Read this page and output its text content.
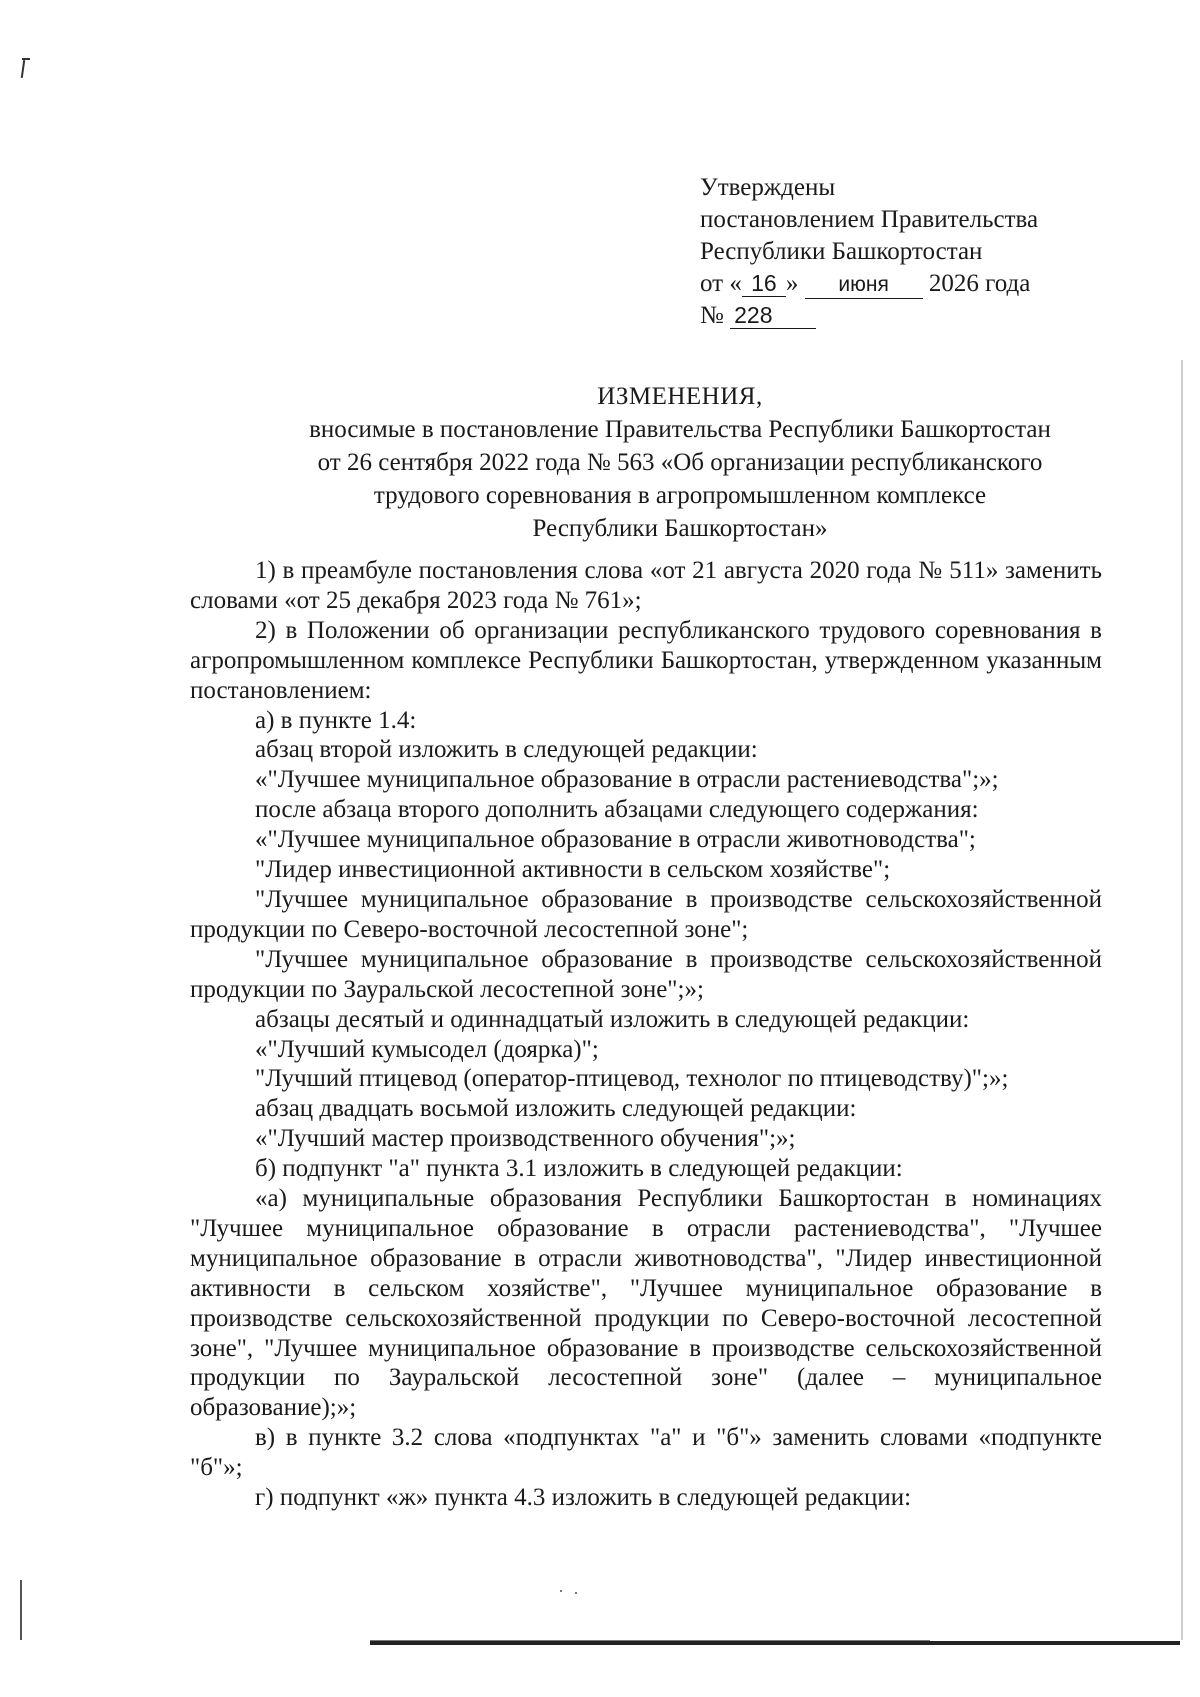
Утверждены
постановлением Правительства
Республики Башкортостан
от « 16 » июня 2026 года
№ 228
ИЗМЕНЕНИЯ,
вносимые в постановление Правительства Республики Башкортостан
от 26 сентября 2022 года № 563 «Об организации республиканского
трудового соревнования в агропромышленном комплексе
Республики Башкортостан»

1) в преамбуле постановления слова «от 21 августа 2020 года № 511» заменить словами «от 25 декабря 2023 года № 761»;

2) в Положении об организации республиканского трудового соревнования в агропромышленном комплексе Республики Башкортостан, утвержденном указанным постановлением:

а) в пункте 1.4:

абзац второй изложить в следующей редакции:

«"Лучшее муниципальное образование в отрасли растениеводства";»;

после абзаца второго дополнить абзацами следующего содержания:

«"Лучшее муниципальное образование в отрасли животноводства";

"Лидер инвестиционной активности в сельском хозяйстве";

"Лучшее муниципальное образование в производстве сельскохозяйственной продукции по Северо-восточной лесостепной зоне";

"Лучшее муниципальное образование в производстве сельскохозяйственной продукции по Зауральской лесостепной зоне";»;

абзацы десятый и одиннадцатый изложить в следующей редакции:

«"Лучший кумысодел (доярка)";

"Лучший птицевод (оператор-птицевод, технолог по птицеводству)";»;

абзац двадцать восьмой изложить следующей редакции:

«"Лучший мастер производственного обучения";»;

б) подпункт "а" пункта 3.1 изложить в следующей редакции:

«а) муниципальные образования Республики Башкортостан в номинациях "Лучшее муниципальное образование в отрасли растениеводства", "Лучшее муниципальное образование в отрасли животноводства", "Лидер инвестиционной активности в сельском хозяйстве", "Лучшее муниципальное образование в производстве сельскохозяйственной продукции по Северо-восточной лесостепной зоне", "Лучшее муниципальное образование в производстве сельскохозяйственной продукции по Зауральской лесостепной зоне" (далее – муниципальное образование);»;

в) в пункте 3.2 слова «подпунктах "а" и "б"» заменить словами «подпункте "б"»;

г) подпункт «ж» пункта 4.3 изложить в следующей редакции:
